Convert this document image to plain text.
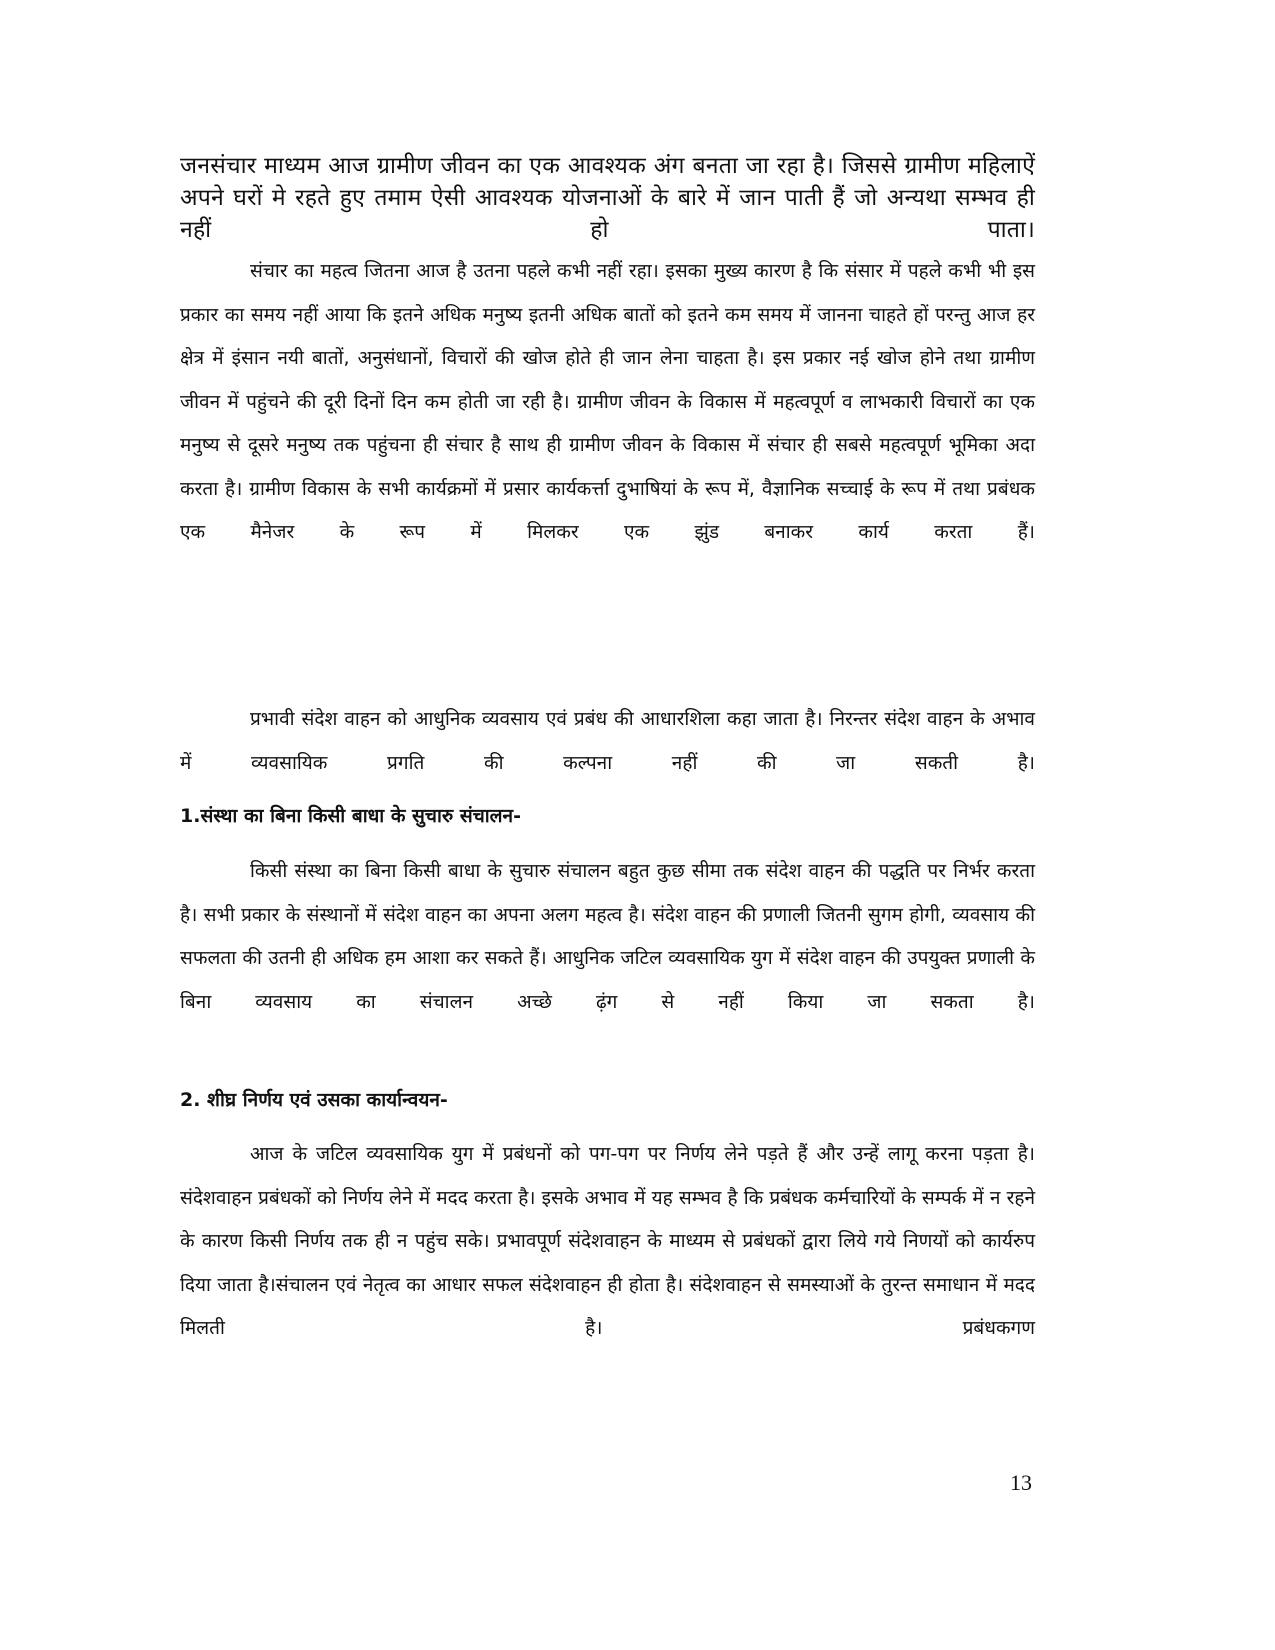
जनसंचार माध्यम आज ग्रामीण जीवन का एक आवश्यक अंग बनता जा रहा है। जिससे ग्रामीण महिलाऐं अपने घरों मे रहते हुए तमाम ऐसी आवश्यक योजनाओं के बारे में जान पाती हैं जो अन्यथा सम्भव ही नहीं हो पाता।

संचार का महत्व जितना आज है उतना पहले कभी नहीं रहा। इसका मुख्य कारण है कि संसार में पहले कभी भी इस प्रकार का समय नहीं आया कि इतने अधिक मनुष्य इतनी अधिक बातों को इतने कम समय में जानना चाहते हों परन्तु आज हर क्षेत्र में इंसान नयी बातों, अनुसंधानों, विचारों की खोज होते ही जान लेना चाहता है। इस प्रकार नई खोज होने तथा ग्रामीण जीवन में पहुंचने की दूरी दिनों दिन कम होती जा रही है। ग्रामीण जीवन के विकास में महत्वपूर्ण व लाभकारी विचारों का एक मनुष्य से दूसरे मनुष्य तक पहुंचना ही संचार है साथ ही ग्रामीण जीवन के विकास में संचार ही सबसे महत्वपूर्ण भूमिका अदा करता है। ग्रामीण विकास के सभी कार्यक्रमों में प्रसार कार्यकर्त्ता दुभाषियां के रूप में, वैज्ञानिक सच्चाई के रूप में तथा प्रबंधक एक मैनेजर के रूप में मिलकर एक झुंड बनाकर कार्य करता हैं।

प्रभावी संदेश वाहन को आधुनिक व्यवसाय एवं प्रबंध की आधारशिला कहा जाता है। निरन्तर संदेश वाहन के अभाव में व्यवसायिक प्रगति की कल्पना नहीं की जा सकती है।

1.संस्था का बिना किसी बाधा के सुचारु संचालन-

किसी संस्था का बिना किसी बाधा के सुचारु संचालन बहुत कुछ सीमा तक संदेश वाहन की पद्धति पर निर्भर करता है। सभी प्रकार के संस्थानों में संदेश वाहन का अपना अलग महत्व है। संदेश वाहन की प्रणाली जितनी सुगम होगी, व्यवसाय की सफलता की उतनी ही अधिक हम आशा कर सकते हैं। आधुनिक जटिल व्यवसायिक युग में संदेश वाहन की उपयुक्त प्रणाली के बिना व्यवसाय का संचालन अच्छे ढ़ंग से नहीं किया जा सकता है।

2. शीघ्र निर्णय एवं उसका कार्यान्वयन-

आज के जटिल व्यवसायिक युग में प्रबंधनों को पग-पग पर निर्णय लेने पड़ते हैं और उन्हें लागू करना पड़ता है। संदेशवाहन प्रबंधकों को निर्णय लेने में मदद करता है। इसके अभाव में यह सम्भव है कि प्रबंधक कर्मचारियों के सम्पर्क में न रहने के कारण किसी निर्णय तक ही न पहुंच सके। प्रभावपूर्ण संदेशवाहन के माध्यम से प्रबंधकों द्वारा लिये गये निणयों को कार्यरुप दिया जाता है।संचालन एवं नेतृत्व का आधार सफल संदेशवाहन ही होता है। संदेशवाहन से समस्याओं के तुरन्त समाधान में मदद मिलती है। प्रबंधकगण

13
